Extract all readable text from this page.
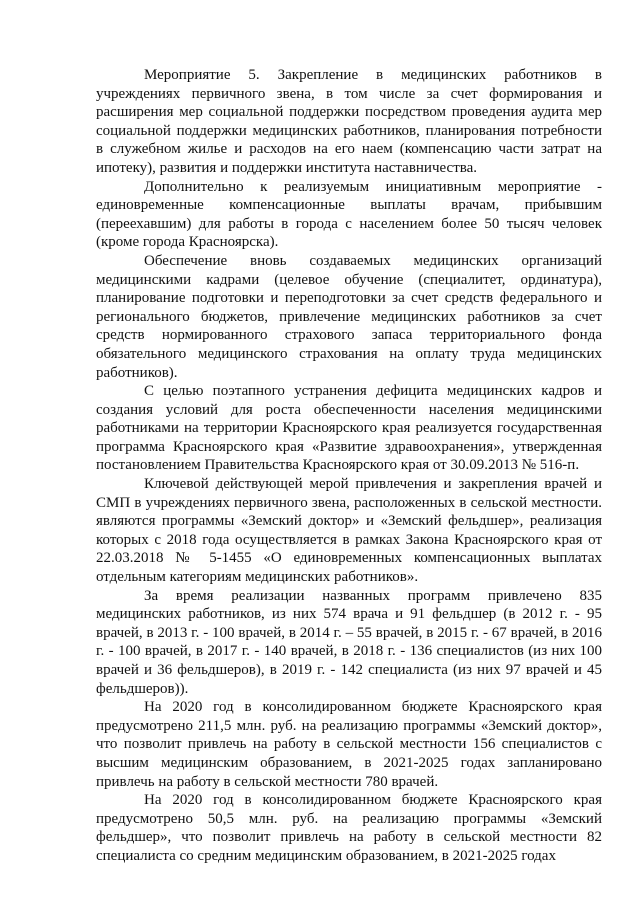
Мероприятие 5. Закрепление в медицинских работников в учреждениях первичного звена, в том числе за счет формирования и расширения мер социальной поддержки посредством проведения аудита мер социальной поддержки медицинских работников, планирования потребности в служебном жилье и расходов на его наем (компенсацию части затрат на ипотеку), развития и поддержки института наставничества.

Дополнительно к реализуемым инициативным мероприятие - единовременные компенсационные выплаты врачам, прибывшим (переехавшим) для работы в города с населением более 50 тысяч человек (кроме города Красноярска).

Обеспечение вновь создаваемых медицинских организаций медицинскими кадрами (целевое обучение (специалитет, ординатура), планирование подготовки и переподготовки за счет средств федерального и регионального бюджетов, привлечение медицинских работников за счет средств нормированного страхового запаса территориального фонда обязательного медицинского страхования на оплату труда медицинских работников).

С целью поэтапного устранения дефицита медицинских кадров и создания условий для роста обеспеченности населения медицинскими работниками на территории Красноярского края реализуется государственная программа Красноярского края «Развитие здравоохранения», утвержденная постановлением Правительства Красноярского края от 30.09.2013 № 516-п.

Ключевой действующей мерой привлечения и закрепления врачей и СМП в учреждениях первичного звена, расположенных в сельской местности. являются программы «Земский доктор» и «Земский фельдшер», реализация которых с 2018 года осуществляется в рамках Закона Красноярского края от 22.03.2018 № 5-1455 «О единовременных компенсационных выплатах отдельным категориям медицинских работников».

За время реализации названных программ привлечено 835 медицинских работников, из них 574 врача и 91 фельдшер (в 2012 г. - 95 врачей, в 2013 г. - 100 врачей, в 2014 г. – 55 врачей, в 2015 г. - 67 врачей, в 2016 г. - 100 врачей, в 2017 г. - 140 врачей, в 2018 г. - 136 специалистов (из них 100 врачей и 36 фельдшеров), в 2019 г. - 142 специалиста (из них 97 врачей и 45 фельдшеров)).

На 2020 год в консолидированном бюджете Красноярского края предусмотрено 211,5 млн. руб. на реализацию программы «Земский доктор», что позволит привлечь на работу в сельской местности 156 специалистов с высшим медицинским образованием, в 2021-2025 годах запланировано привлечь на работу в сельской местности 780 врачей.

На 2020 год в консолидированном бюджете Красноярского края предусмотрено 50,5 млн. руб. на реализацию программы «Земский фельдшер», что позволит привлечь на работу в сельской местности 82 специалиста со средним медицинским образованием, в 2021-2025 годах
